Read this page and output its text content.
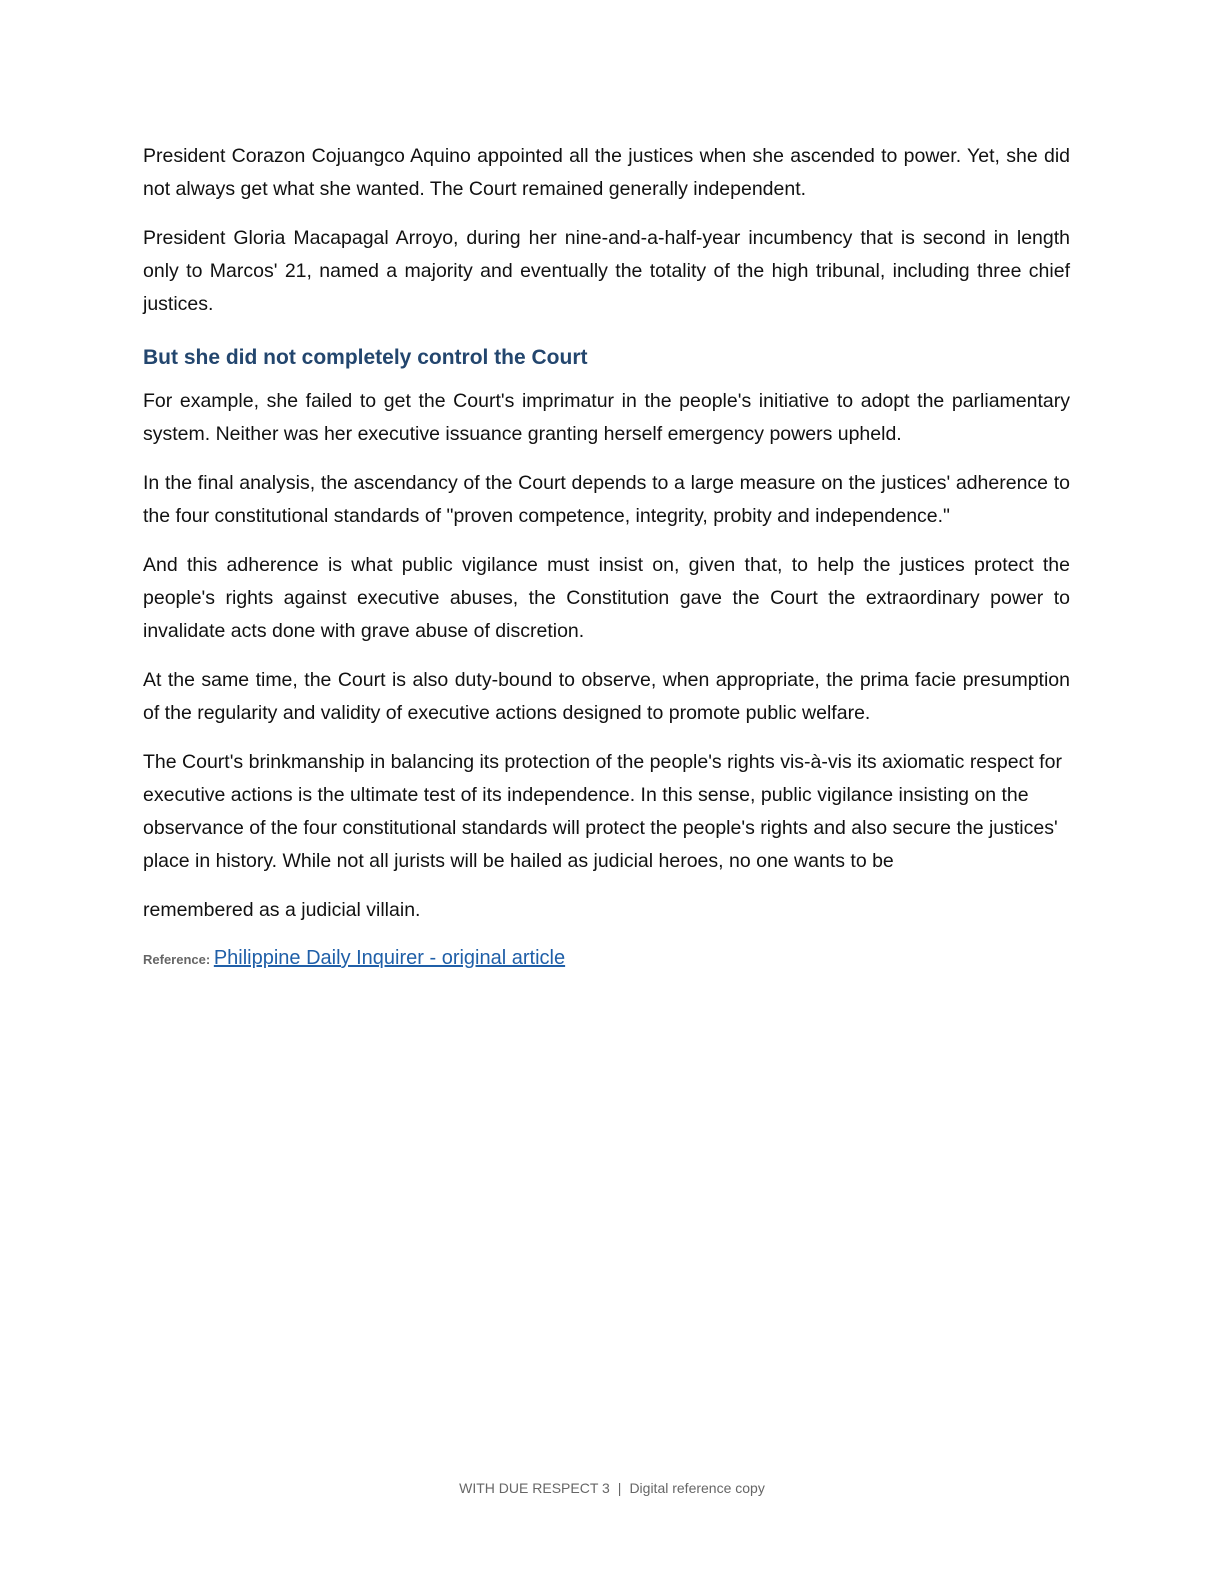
President Corazon Cojuangco Aquino appointed all the justices when she ascended to power. Yet, she did not always get what she wanted. The Court remained generally independent.

President Gloria Macapagal Arroyo, during her nine-and-a-half-year incumbency that is second in length only to Marcos' 21, named a majority and eventually the totality of the high tribunal, including three chief justices.

But she did not completely control the Court

For example, she failed to get the Court's imprimatur in the people's initiative to adopt the parliamentary system. Neither was her executive issuance granting herself emergency powers upheld.

In the final analysis, the ascendancy of the Court depends to a large measure on the justices' adherence to the four constitutional standards of "proven competence, integrity, probity and independence."

And this adherence is what public vigilance must insist on, given that, to help the justices protect the people's rights against executive abuses, the Constitution gave the Court the extraordinary power to invalidate acts done with grave abuse of discretion.

At the same time, the Court is also duty-bound to observe, when appropriate, the prima facie presumption of the regularity and validity of executive actions designed to promote public welfare.

The Court's brinkmanship in balancing its protection of the people's rights vis-à-vis its axiomatic respect for executive actions is the ultimate test of its independence. In this sense, public vigilance insisting on the observance of the four constitutional standards will protect the people's rights and also secure the justices' place in history. While not all jurists will be hailed as judicial heroes, no one wants to be

remembered as a judicial villain.

Reference: Philippine Daily Inquirer - original article
WITH DUE RESPECT 3 | Digital reference copy
